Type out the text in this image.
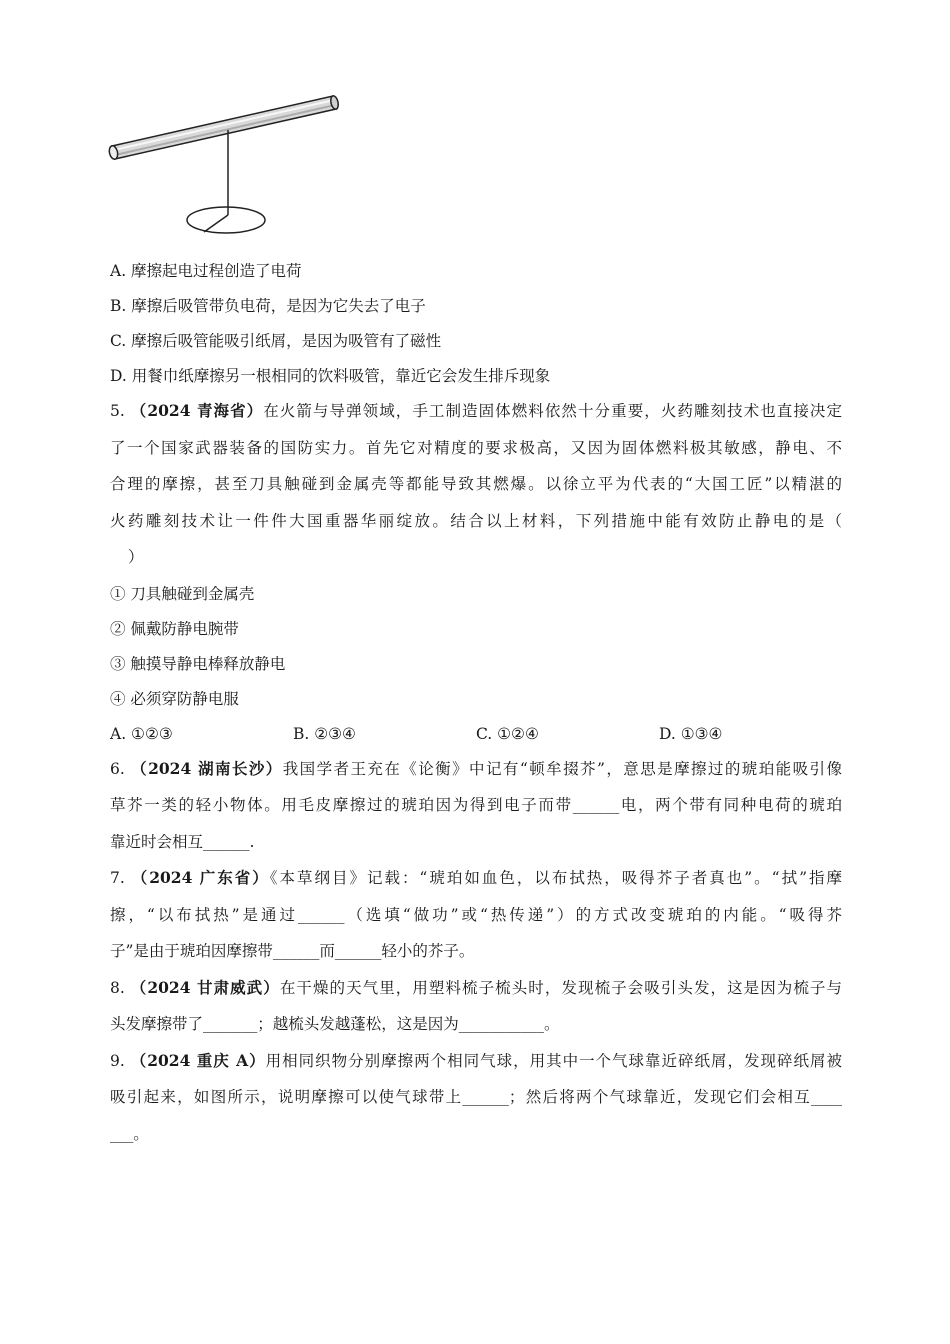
A. 摩擦起电过程创造了电荷
B. 摩擦后吸管带负电荷，是因为它失去了电子
C. 摩擦后吸管能吸引纸屑，是因为吸管有了磁性
D. 用餐巾纸摩擦另一根相同的饮料吸管，靠近它会发生排斥现象
5. （2024 青海省）在火箭与导弹领域，手工制造固体燃料依然十分重要，火药雕刻技术也直接决定
了一个国家武器装备的国防实力。首先它对精度的要求极高，又因为固体燃料极其敏感，静电、不
合理的摩擦，甚至刀具触碰到金属壳等都能导致其燃爆。以徐立平为代表的“大国工匠”以精湛的
火药雕刻技术让一件件大国重器华丽绽放。结合以上材料，下列措施中能有效防止静电的是（
）
① 刀具触碰到金属壳
② 佩戴防静电腕带
③ 触摸导静电棒释放静电
④ 必须穿防静电服
A. ①②③	B. ②③④	C. ①②④	D. ①③④
6. （2024 湖南长沙）我国学者王充在《论衡》中记有“顿牟掇芥”，意思是摩擦过的琥珀能吸引像
草芥一类的轻小物体。用毛皮摩擦过的琥珀因为得到电子而带______电，两个带有同种电荷的琥珀
靠近时会相互______.
7. （2024 广东省）《本草纲目》记载：“琥珀如血色，以布拭热，吸得芥子者真也”。“拭”指摩
擦，“以布拭热”是通过______（选填“做功”或“热传递”）的方式改变琥珀的内能。“吸得芥
子”是由于琥珀因摩擦带______而______轻小的芥子。
8. （2024 甘肃威武）在干燥的天气里，用塑料梳子梳头时，发现梳子会吸引头发，这是因为梳子与
头发摩擦带了_______；越梳头发越蓬松，这是因为___________。
9. （2024 重庆 A）用相同织物分别摩擦两个相同气球，用其中一个气球靠近碎纸屑，发现碎纸屑被
吸引起来，如图所示，说明摩擦可以使气球带上______；然后将两个气球靠近，发现它们会相互____
___。
